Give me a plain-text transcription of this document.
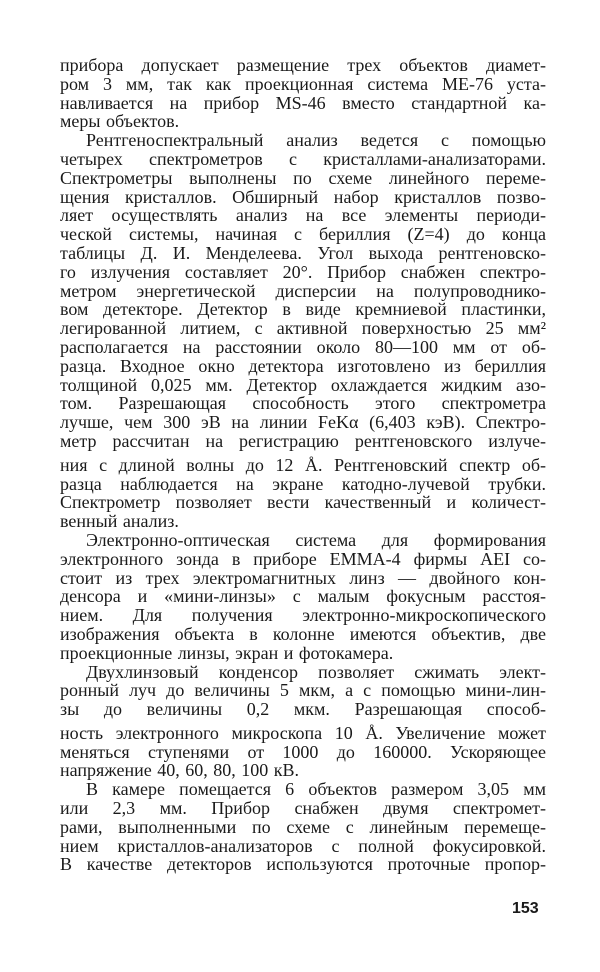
прибора допускает размещение трех объектов диамет-
ром 3 мм, так как проекционная система МЕ-76 уста-
навливается на прибор MS-46 вместо стандартной ка-
меры объектов.
Рентгеноспектральный анализ ведется с помощью
четырех спектрометров с кристаллами-анализаторами.
Спектрометры выполнены по схеме линейного переме-
щения кристаллов. Обширный набор кристаллов позво-
ляет осуществлять анализ на все элементы периоди-
ческой системы, начиная с бериллия (Z=4) до конца
таблицы Д. И. Менделеева. Угол выхода рентгеновско-
го излучения составляет 20°. Прибор снабжен спектро-
метром энергетической дисперсии на полупроводнико-
вом детекторе. Детектор в виде кремниевой пластинки,
легированной литием, с активной поверхностью 25 мм²
располагается на расстоянии около 80—100 мм от об-
разца. Входное окно детектора изготовлено из бериллия
толщиной 0,025 мм. Детектор охлаждается жидким азо-
том. Разрешающая способность этого спектрометра
лучше, чем 300 эВ на линии FeKα (6,403 кэВ). Спектро-
метр рассчитан на регистрацию рентгеновского излуче-
ния с длиной волны до 12 Å. Рентгеновский спектр об-
разца наблюдается на экране катодно-лучевой трубки.
Спектрометр позволяет вести качественный и количест-
венный анализ.
Электронно-оптическая система для формирования
электронного зонда в приборе ЕММА-4 фирмы AEI со-
стоит из трех электромагнитных линз — двойного кон-
денсора и «мини-линзы» с малым фокусным расстоя-
нием. Для получения электронно-микроскопического
изображения объекта в колонне имеются объектив, две
проекционные линзы, экран и фотокамера.
Двухлинзовый конденсор позволяет сжимать элект-
ронный луч до величины 5 мкм, а с помощью мини-лин-
зы до величины 0,2 мкм. Разрешающая способ-
ность электронного микроскопа 10 Å. Увеличение может
меняться ступенями от 1000 до 160000. Ускоряющее
напряжение 40, 60, 80, 100 кВ.
В камере помещается 6 объектов размером 3,05 мм
или 2,3 мм. Прибор снабжен двумя спектромет-
рами, выполненными по схеме с линейным перемеще-
нием кристаллов-анализаторов с полной фокусировкой.
В качестве детекторов используются проточные пропор-
153
